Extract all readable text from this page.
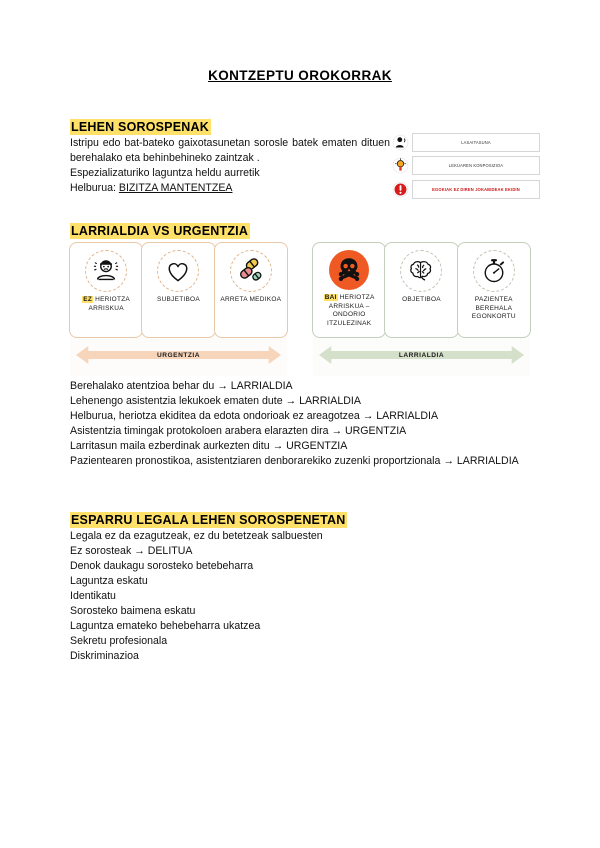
KONTZEPTU OROKORRAK
LEHEN SOROSPENAK

Istripu edo bat-bateko gaixotasunetan sorosle batek ematen dituen berehalako eta behinbehineko zaintzak .

Espezializaturiko laguntza heldu aurretik

Helburua: BIZITZA MANTENTZEA

LASAITASUNA
LEKUAREN KONPOSIZIOA
EGOKIAK EZ DIREN JOKABIDEAK EKIDIN
LARRIALDIA VS URGENTZIA
EZ HERIOTZA ARRISKUA
SUBJETIBOA	ARRETA MEDIKOA
URGENTZIA
BAI HERIOTZA ARRISKUA – ONDORIO ITZULEZINAK
OBJETIBOA	PAZIENTEA BEREHALA EGONKORTU
LARRIALDIA

Berehalako atentzioa behar du → LARRIALDIA

Lehenengo asistentzia lekukoek ematen dute → LARRIALDIA

Helburua, heriotza ekiditea da edota ondorioak ez areagotzea → LARRIALDIA

Asistentzia timingak protokoloen arabera elarazten dira → URGENTZIA

Larritasun maila ezberdinak aurkezten ditu → URGENTZIA

Pazientearen pronostikoa, asistentziaren denborarekiko zuzenki proportzionala → LARRIALDIA

ESPARRU LEGALA LEHEN SOROSPENETAN

Legala ez da ezagutzeak, ez du betetzeak salbuesten

Ez sorosteak → DELITUA

Denok daukagu sorosteko betebeharra

Laguntza eskatu

Identikatu

Sorosteko baimena eskatu

Laguntza emateko behebeharra ukatzea

Sekretu profesionala

Diskriminazioa
